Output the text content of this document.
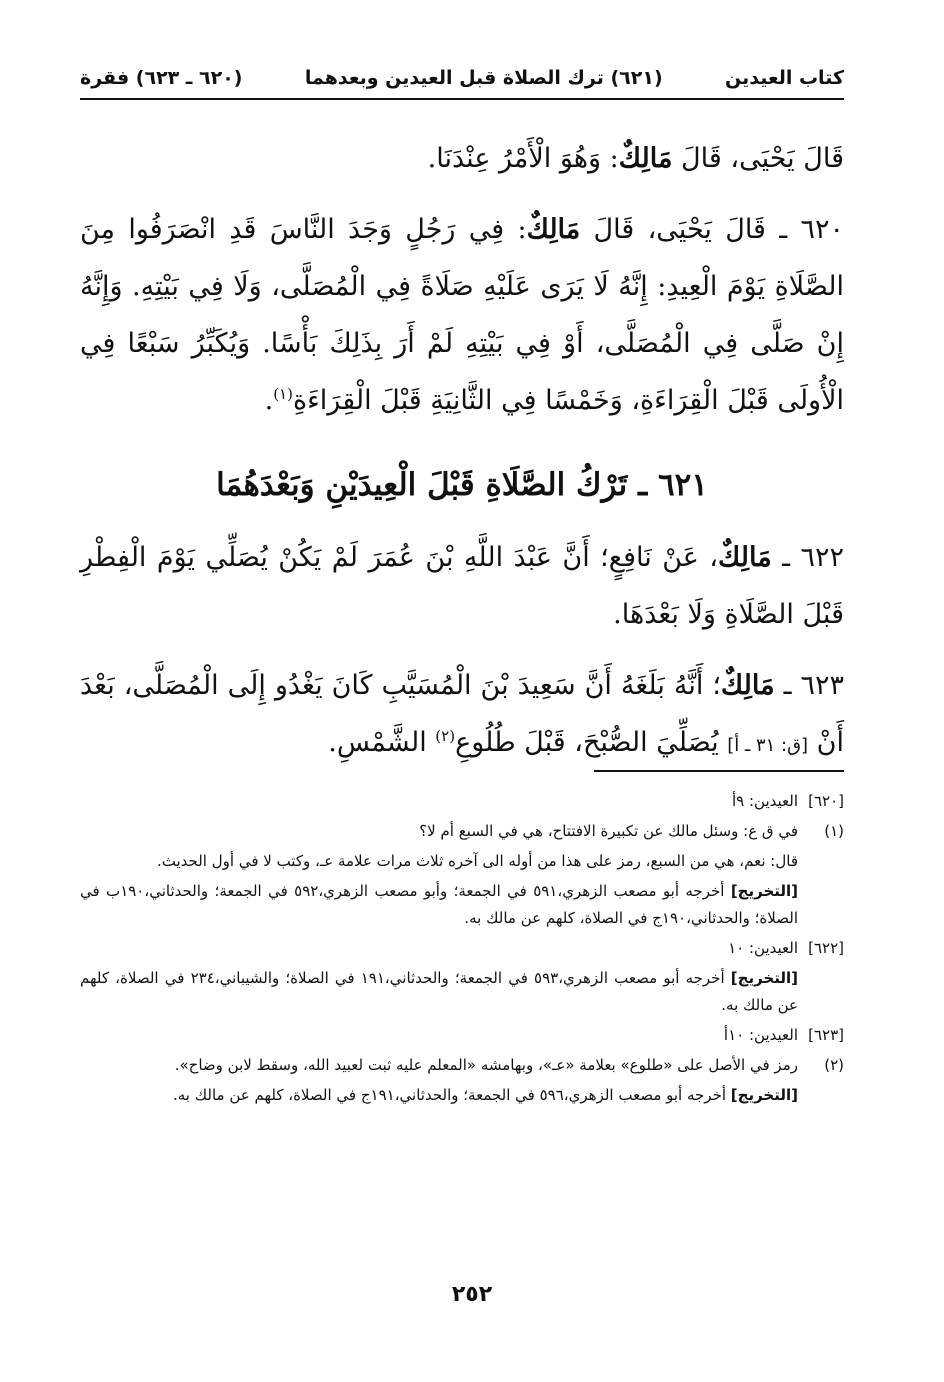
كتاب العيدين
(٦٢١) ترك الصلاة قبل العيدين وبعدهما
(٦٢٠ ـ ٦٢٣) فقرة

قَالَ يَحْيَى، قَالَ مَالِكٌ: وَهُوَ الْأَمْرُ عِنْدَنَا.

٦٢٠ ـ قَالَ يَحْيَى، قَالَ مَالِكٌ: فِي رَجُلٍ وَجَدَ النَّاسَ قَدِ انْصَرَفُوا مِنَ الصَّلَاةِ يَوْمَ الْعِيدِ: إِنَّهُ لَا يَرَى عَلَيْهِ صَلَاةً فِي الْمُصَلَّى، وَلَا فِي بَيْتِهِ. وَإِنَّهُ إِنْ صَلَّى فِي الْمُصَلَّى، أَوْ فِي بَيْتِهِ لَمْ أَرَ بِذَلِكَ بَأْسًا. وَيُكَبِّرُ سَبْعًا فِي الْأُولَى قَبْلَ الْقِرَاءَةِ، وَخَمْسًا فِي الثَّانِيَةِ قَبْلَ الْقِرَاءَةِ$^{(١)}$.

٦٢١ ـ تَرْكُ الصَّلَاةِ قَبْلَ الْعِيدَيْنِ وَبَعْدَهُمَا

٦٢٢ ـ مَالِكٌ، عَنْ نَافِعٍ؛ أَنَّ عَبْدَ اللَّهِ بْنَ عُمَرَ لَمْ يَكُنْ يُصَلِّي يَوْمَ الْفِطْرِ قَبْلَ الصَّلَاةِ وَلَا بَعْدَهَا.

٦٢٣ ـ مَالِكٌ؛ أَنَّهُ بَلَغَهُ أَنَّ سَعِيدَ بْنَ الْمُسَيَّبِ كَانَ يَغْدُو إِلَى الْمُصَلَّى، بَعْدَ أَنْ [ق: ٣١ ـ أ] يُصَلِّيَ الصُّبْحَ، قَبْلَ طُلُوعِ$^{(٢)}$ الشَّمْسِ.

[٦٢٠]
العيدين: ٩أ
(١)
في ق ع: وسئل مالك عن تكبيرة الافتتاح، هي في السبع أم لا؟
قال: نعم، هي من السبع، رمز على هذا من أوله الى آخره ثلاث مرات علامة عـ، وكتب لا في أول الحديث.
[التخريج] أخرجه أبو مصعب الزهري،٥٩١ في الجمعة؛ وأبو مصعب الزهري،٥٩٢ في الجمعة؛ والحدثاني،١٩٠ب في الصلاة؛ والحدثاني،١٩٠ج في الصلاة، كلهم عن مالك به.
[٦٢٢]
العيدين: ١٠
[التخريج] أخرجه أبو مصعب الزهري،٥٩٣ في الجمعة؛ والحدثاني،١٩١ في الصلاة؛ والشيباني،٢٣٤ في الصلاة، كلهم عن مالك به.
[٦٢٣]
العيدين: ١٠أ
(٢)
رمز في الأصل على «طلوع» بعلامة «عـ»، وبهامشه «المعلم عليه ثبت لعبيد الله، وسقط لابن وضاح».
[التخريج] أخرجه أبو مصعب الزهري،٥٩٦ في الجمعة؛ والحدثاني،١٩١ج في الصلاة، كلهم عن مالك به.
٢٥٢
